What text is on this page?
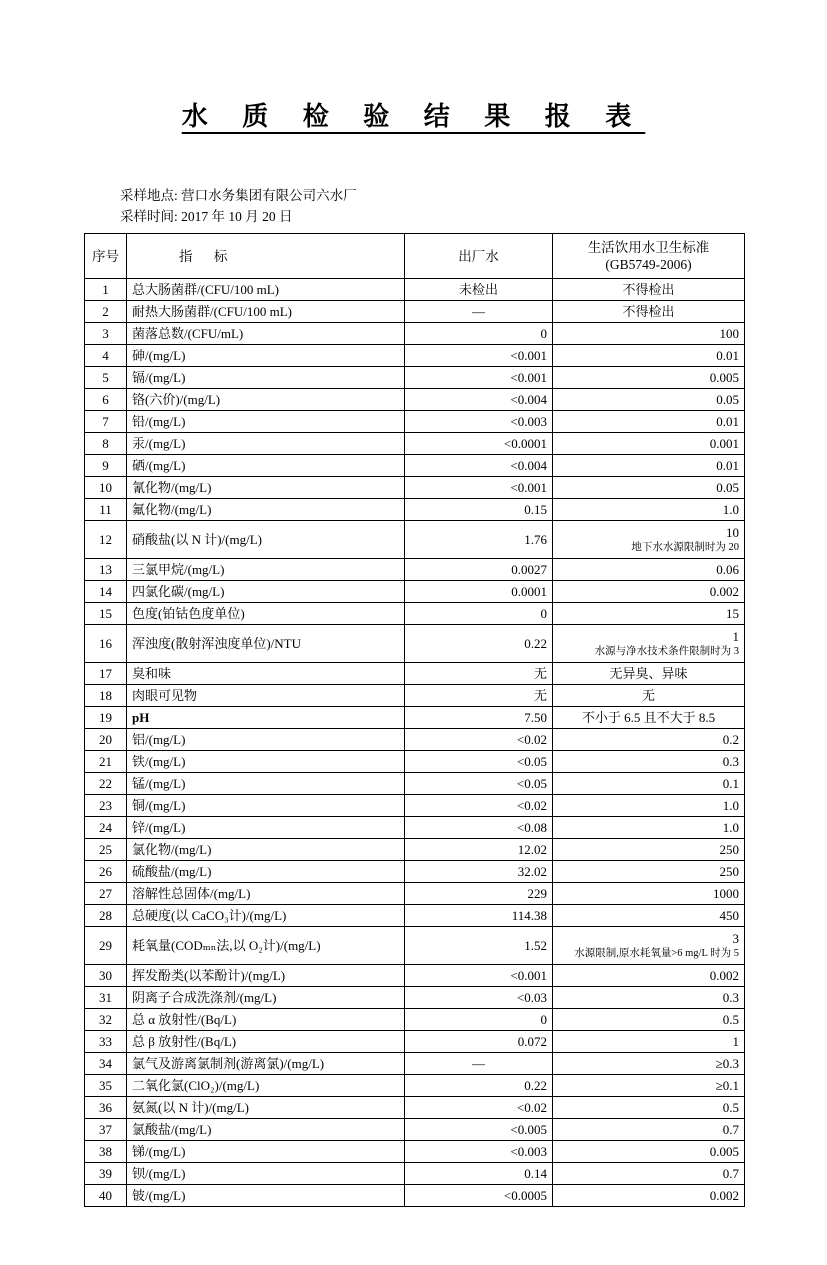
水 质 检 验 结 果 报 表
采样地点: 营口水务集团有限公司六水厂
采样时间: 2017 年 10 月 20 日
序号	指 标	出厂水	生活饮用水卫生标准
(GB5749-2006)

1	总大肠菌群/(CFU/100 mL)	未检出	不得检出
2	耐热大肠菌群/(CFU/100 mL)	—	不得检出
3	菌落总数/(CFU/mL)	0	100
4	砷/(mg/L)	<0.001	0.01
5	镉/(mg/L)	<0.001	0.005
6	铬(六价)/(mg/L)	<0.004	0.05
7	铅/(mg/L)	<0.003	0.01
8	汞/(mg/L)	<0.0001	0.001
9	硒/(mg/L)	<0.004	0.01
10	氰化物/(mg/L)	<0.001	0.05
11	氟化物/(mg/L)	0.15	1.0
12	硝酸盐(以 N 计)/(mg/L)	1.76	10
地下水水源限制时为 20

13	三氯甲烷/(mg/L)	0.0027	0.06
14	四氯化碳/(mg/L)	0.0001	0.002
15	色度(铂钴色度单位)	0	15
16	浑浊度(散射浑浊度单位)/NTU	0.22	1
水源与净水技术条件限制时为 3

17	臭和味	无	无异臭、异味
18	肉眼可见物	无	无
19	pH	7.50	不小于 6.5 且不大于 8.5
20	铝/(mg/L)	<0.02	0.2
21	铁/(mg/L)	<0.05	0.3
22	锰/(mg/L)	<0.05	0.1
23	铜/(mg/L)	<0.02	1.0
24	锌/(mg/L)	<0.08	1.0
25	氯化物/(mg/L)	12.02	250
26	硫酸盐/(mg/L)	32.02	250
27	溶解性总固体/(mg/L)	229	1000
28	总硬度(以 CaCO₃计)/(mg/L)	114.38	450
29	耗氧量(CODₘₙ法,以 O₂计)/(mg/L)	1.52	3
水源限制,原水耗氧量>6 mg/L 时为 5

30	挥发酚类(以苯酚计)/(mg/L)	<0.001	0.002
31	阴离子合成洗涤剂/(mg/L)	<0.03	0.3
32	总 α 放射性/(Bq/L)	0	0.5
33	总 β 放射性/(Bq/L)	0.072	1
34	氯气及游离氯制剂(游离氯)/(mg/L)	—	≥0.3
35	二氧化氯(ClO₂)/(mg/L)	0.22	≥0.1
36	氨氮(以 N 计)/(mg/L)	<0.02	0.5
37	氯酸盐/(mg/L)	<0.005	0.7
38	锑/(mg/L)	<0.003	0.005
39	钡/(mg/L)	0.14	0.7
40	铍/(mg/L)	<0.0005	0.002
